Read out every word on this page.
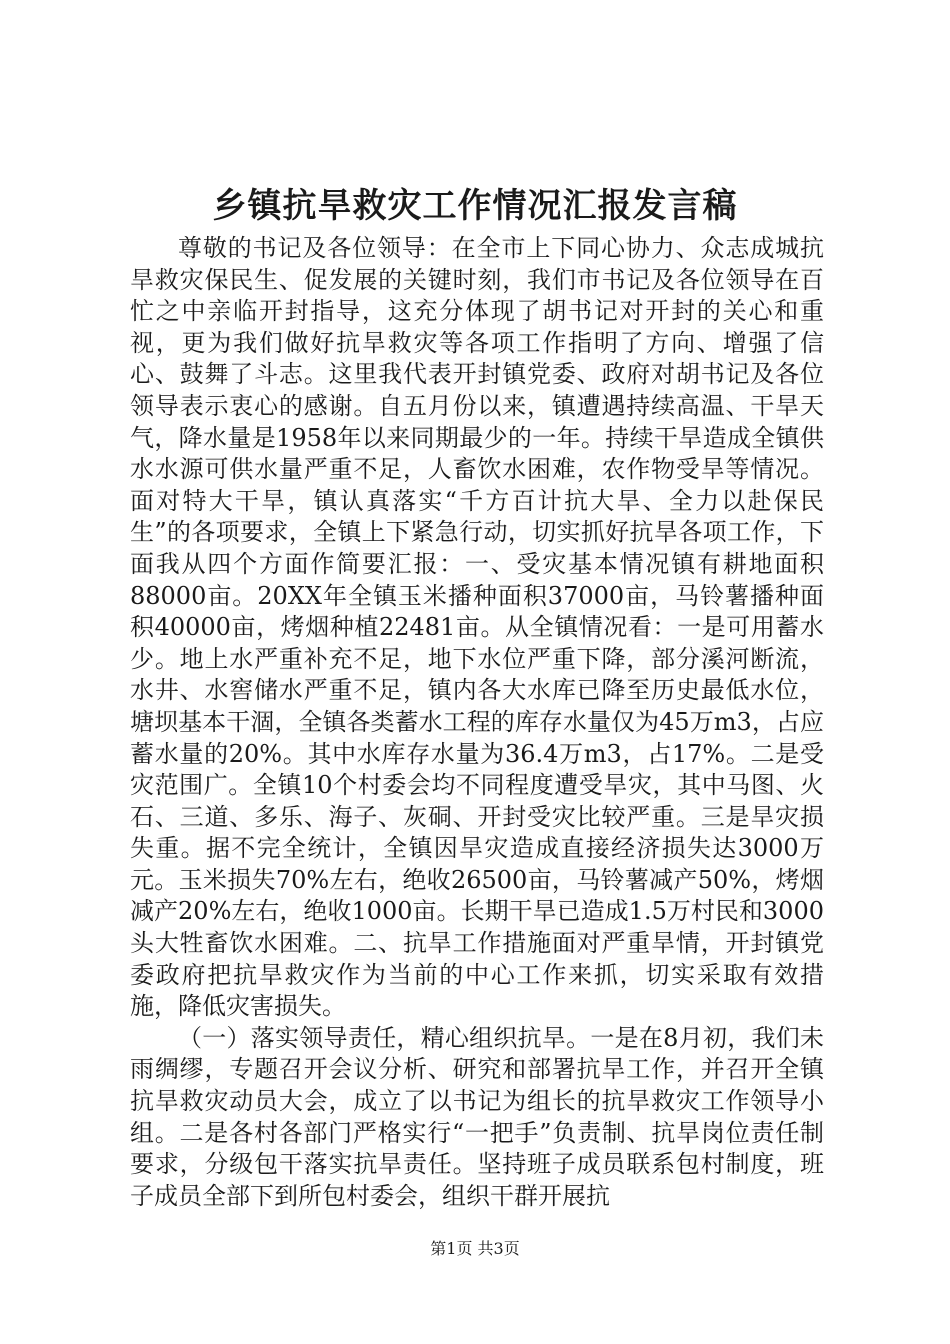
乡镇抗旱救灾工作情况汇报发言稿

尊敬的书记及各位领导：在全市上下同心协力、众志成城抗旱救灾保民生、促发展的关键时刻，我们市书记及各位领导在百忙之中亲临开封指导，这充分体现了胡书记对开封的关心和重视，更为我们做好抗旱救灾等各项工作指明了方向、增强了信心、鼓舞了斗志。这里我代表开封镇党委、政府对胡书记及各位领导表示衷心的感谢。自五月份以来，镇遭遇持续高温、干旱天气，降水量是1958年以来同期最少的一年。持续干旱造成全镇供水水源可供水量严重不足，人畜饮水困难，农作物受旱等情况。面对特大干旱，镇认真落实“千方百计抗大旱、全力以赴保民生”的各项要求，全镇上下紧急行动，切实抓好抗旱各项工作，下面我从四个方面作简要汇报：一、受灾基本情况镇有耕地面积88000亩。20XX年全镇玉米播种面积37000亩，马铃薯播种面积40000亩，烤烟种植22481亩。从全镇情况看：一是可用蓄水少。地上水严重补充不足，地下水位严重下降，部分溪河断流，水井、水窖储水严重不足，镇内各大水库已降至历史最低水位，塘坝基本干涸，全镇各类蓄水工程的库存水量仅为45万m3，占应蓄水量的20%。其中水库存水量为36.4万m3，占17%。二是受灾范围广。全镇10个村委会均不同程度遭受旱灾，其中马图、火石、三道、多乐、海子、灰硐、开封受灾比较严重。三是旱灾损失重。据不完全统计，全镇因旱灾造成直接经济损失达3000万元。玉米损失70%左右，绝收26500亩，马铃薯减产50%，烤烟减产20%左右，绝收1000亩。长期干旱已造成1.5万村民和3000头大牲畜饮水困难。二、抗旱工作措施面对严重旱情，开封镇党委政府把抗旱救灾作为当前的中心工作来抓，切实采取有效措施，降低灾害损失。

（一）落实领导责任，精心组织抗旱。一是在8月初，我们未雨绸缪，专题召开会议分析、研究和部署抗旱工作，并召开全镇抗旱救灾动员大会，成立了以书记为组长的抗旱救灾工作领导小组。二是各村各部门严格实行“一把手”负责制、抗旱岗位责任制要求，分级包干落实抗旱责任。坚持班子成员联系包村制度，班子成员全部下到所包村委会，组织干群开展抗

第1页 共3页
